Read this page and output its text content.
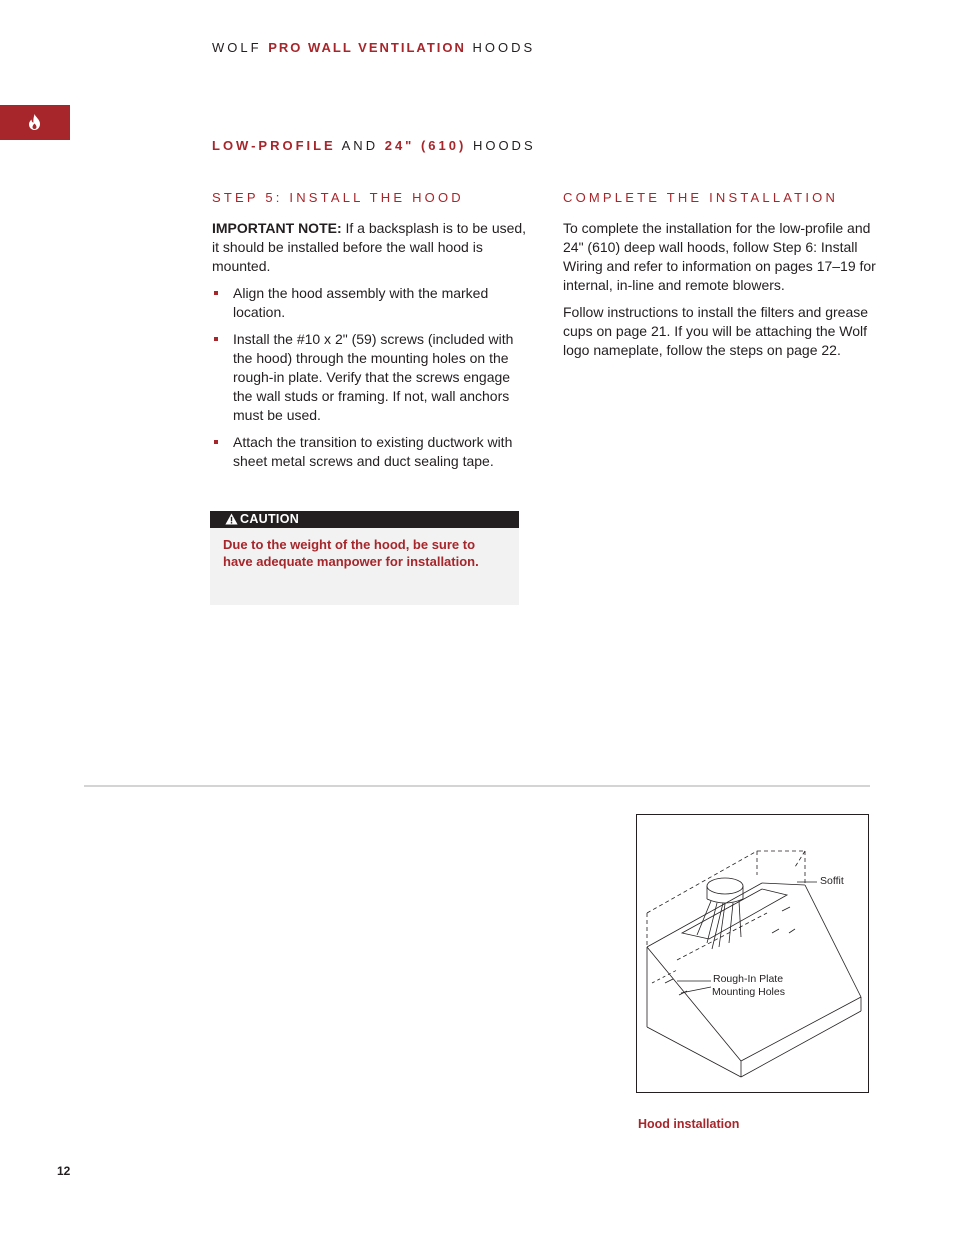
WOLF PRO WALL VENTILATION HOODS
LOW-PROFILE AND 24" (610) HOODS
STEP 5: INSTALL THE HOOD

IMPORTANT NOTE: If a backsplash is to be used, it should be installed before the wall hood is mounted.

Align the hood assembly with the marked location.
Install the #10 x 2" (59) screws (included with the hood) through the mounting holes on the rough-in plate. Verify that the screws engage the wall studs or framing. If not, wall anchors must be used.
Attach the transition to existing ductwork with sheet metal screws and duct sealing tape.
CAUTION
Due to the weight of the hood, be sure to have adequate manpower for installation.
COMPLETE THE INSTALLATION

To complete the installation for the low-profile and 24" (610) deep wall hoods, follow Step 6: Install Wiring and refer to information on pages 17–19 for internal, in-line and remote blowers.

Follow instructions to install the filters and grease cups on page 21. If you will be attaching the Wolf logo nameplate, follow the steps on page 22.

Soffit
Rough-In Plate
Mounting Holes
Hood installation
12
